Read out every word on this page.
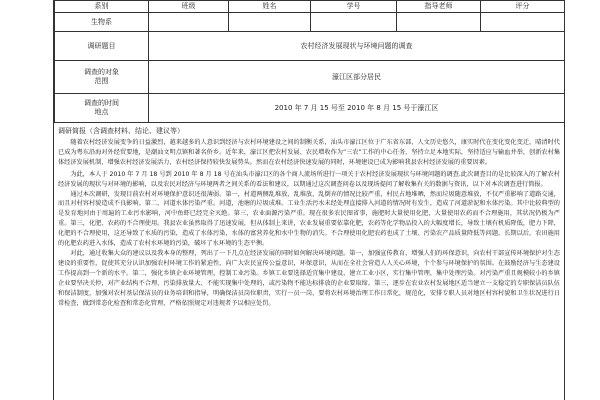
系别	班级	姓名	学号	指导老师	评分
生物系					
调研题目	农村经济发展现状与环境问题的调查				

调查的对象
范围	濠江区部分居民				

调查的时间
地点	2010 年 7 月 15 号至 2010 年 8 月 15 号于濠江区				
调研简报（含调查材料、结论、建议等）

随着农村经济发展变争的日益激烈，越来越多的人意识到经济与农村环境建设之间的制衡关系，汕头市濠江区位于广东省东部，人文历史悠久，康实时代在变化变化变迁，晴清时代已成为粤东沿海对外经贸要地，是潮汕文明点镇和著名侨乡。近年来，濠江区把农村发展、农民增收作为“三农”工作的中心任务，坚持立足本地实际，坚持适应与输血并举，创新农村集体经济发展机制，增强农村经济发展活力，农村经济保持较快发展势头。然而在农村经济快速发展的同时，环境建设已成为影响我县农村经济发展的重要因素。

为此，本人于 2010 年 7 月 18 号到 2010 年 8 月 18 号在汕头市濠江区的各个商人流场所进行一项关于农村经济发展现状与环境问题的调查.此次调查目的是比较深入的了解农村经济发展的现状与对环境的影响，以及农民对经济与环境两者之间关系的看法和建议，以期通过这次调查问卷以及现场提问了解收集有关的数据与资讯，以下对本次调查进行简报。

通过本次调研，发现目前农村对环境保护意识还很薄弱。第一，村道两侧乱堆放，乱堆放，乱倒弃的情况比较严重，村民占地堆晒，然而垃圾随意堆放，不仅严重影响了道路交通，而且对村容村貌造成不良影响。第二，河道水体污染严重。河道，池塘的垃圾成堆。工业生活污水未经处理直接排入河道的情况时有发生，造成了河道淤泥和水体污染。其中比较典型的是发育地河由于周遍的工业污水影响，河中鱼虾已经完全灭绝。第三，农业面源污染严重。现在很多农民图省事，施肥时大量使用化肥，大量使用农药而不合理施用，其状况仍极为严重。第三，化肥、农药的不合理使用。我县农业虽然取得了迅速发展，但从体制上来讲，农业发展重要依靠化肥，农药等化学物品投入的大幅度增长，导致土壤有机质降低，肥力下降，化肥的不合理使用，这还导致了水质的污染，造成了水体污染，水体的富营养化和水中生物的消失。不合理使用化肥农药也成了土壤、污染农产品质量降低等问题。长期以后，农田施用的化肥农药进入水体，造成了农村水环境的污染，破坏了水环境的生态平衡。

对此，通过收集大众的建议以及我本身的整理，列出了一下几点在经济发展的同时如何解决环境问题。第一，加强宣传教育，增强人们的环保意识，向农村干部宣传环境保护对生态建设的重要性，促使其充分认识加强农村环境工作的紧迫性，向广大农民宣传公益意识，环保意识，从而在全社会营造人人关心环境，个个参与环境保护的氛围。在鼓励经济与生态建设工作提高到一个新的水平。第二，强化乡镇企业环境管理，控制工业污染。乡镇工业要选择适宜集中建设，建立工业小区，实行集中管理，集中处理污染。对污染严重且规模较小的乡镇企业要坚决关停，对产业结构不合理、污染排放量大、不能实现集中处理的，或污染物不能达标排放的企业要取缔。第三，逐步在农业农村发展地区适当建立一支稳定的专职保洁员队伍和保洁制度，加强对农村基层保洁员的业务培训和指导，明确保洁员岗位职责，实行一员一岗，要将农村环境治理工作日常化，规范化，安排专职人员对地区村容村貌和卫生状况进行日常检查，做到常态化检查和常态化管理，严格依照规定对违规者予以相应处罚。
